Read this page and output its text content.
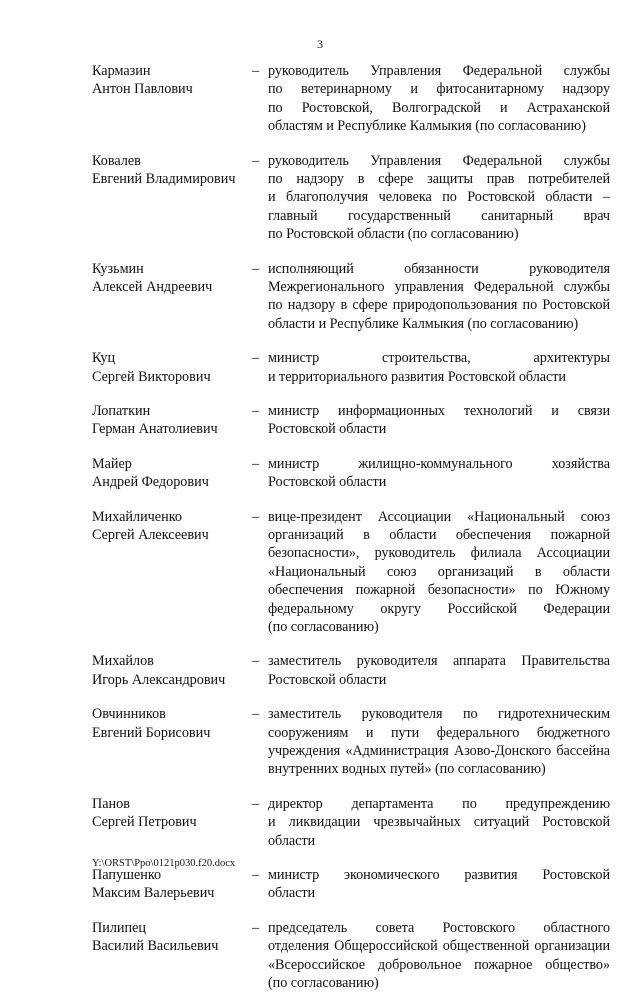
3
Кармазин
Антон Павлович
– руководитель Управления Федеральной службы
по ветеринарному и фитосанитарному надзору
по Ростовской, Волгоградской и Астраханской
областям и Республике Калмыкия (по согласованию)
Ковалев
Евгений Владимирович
– руководитель Управления Федеральной службы
по надзору в сфере защиты прав потребителей
и благополучия человека по Ростовской области –
главный государственный санитарный врач
по Ростовской области (по согласованию)
Кузьмин
Алексей Андреевич
– исполняющий обязанности руководителя
Межрегионального управления Федеральной службы
по надзору в сфере природопользования по Ростовской
области и Республике Калмыкия (по согласованию)
Куц
Сергей Викторович
– министр строительства, архитектуры
и территориального развития Ростовской области
Лопаткин
Герман Анатолиевич
– министр информационных технологий и связи
Ростовской области
Майер
Андрей Федорович
– министр жилищно-коммунального хозяйства
Ростовской области
Михайличенко
Сергей Алексеевич
– вице-президент Ассоциации «Национальный союз
организаций в области обеспечения пожарной
безопасности», руководитель филиала Ассоциации
«Национальный союз организаций в области
обеспечения пожарной безопасности» по Южному
федеральному округу Российской Федерации
(по согласованию)
Михайлов
Игорь Александрович
– заместитель руководителя аппарата Правительства
Ростовской области
Овчинников
Евгений Борисович
– заместитель руководителя по гидротехническим
сооружениям и пути федерального бюджетного
учреждения «Администрация Азово-Донского бассейна
внутренних водных путей» (по согласованию)
Панов
Сергей Петрович
– директор департамента по предупреждению
и ликвидации чрезвычайных ситуаций Ростовской
области
Папушенко
Максим Валерьевич
– министр экономического развития Ростовской
области
Пилипец
Василий Васильевич
– председатель совета Ростовского областного
отделения Общероссийской общественной организации
«Всероссийское добровольное пожарное общество»
(по согласованию)
Y:\ORST\Ppo\0121p030.f20.docx
